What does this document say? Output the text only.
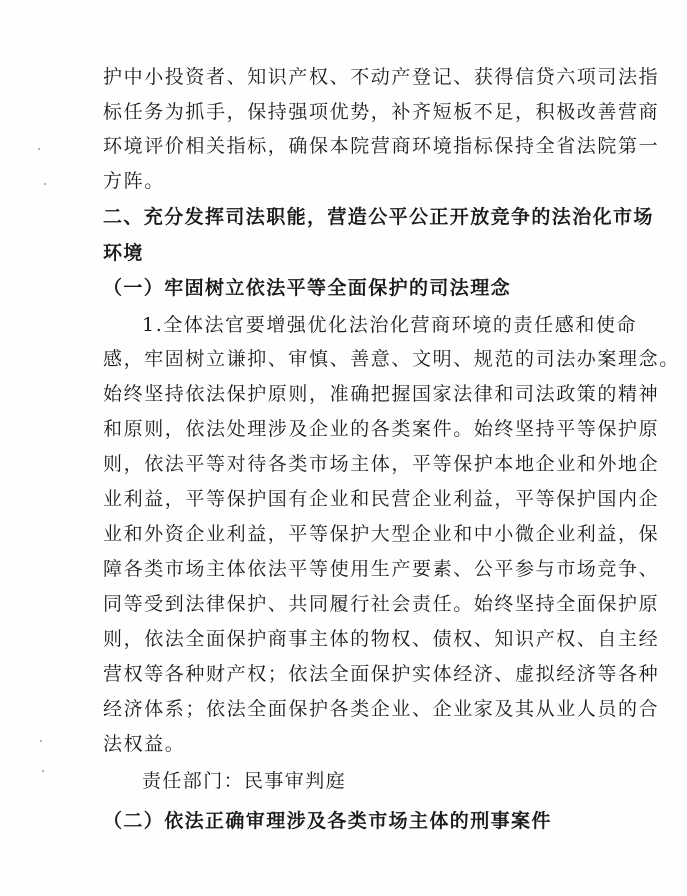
护中小投资者、知识产权、不动产登记、获得信贷六项司法指
标任务为抓手，保持强项优势，补齐短板不足，积极改善营商
环境评价相关指标，确保本院营商环境指标保持全省法院第一
方阵。
二、充分发挥司法职能，营造公平公正开放竞争的法治化市场
环境
（一）牢固树立依法平等全面保护的司法理念
1.全体法官要增强优化法治化营商环境的责任感和使命
感，牢固树立谦抑、审慎、善意、文明、规范的司法办案理念。
始终坚持依法保护原则，准确把握国家法律和司法政策的精神
和原则，依法处理涉及企业的各类案件。始终坚持平等保护原
则，依法平等对待各类市场主体，平等保护本地企业和外地企
业利益，平等保护国有企业和民营企业利益，平等保护国内企
业和外资企业利益，平等保护大型企业和中小微企业利益，保
障各类市场主体依法平等使用生产要素、公平参与市场竞争、
同等受到法律保护、共同履行社会责任。始终坚持全面保护原
则，依法全面保护商事主体的物权、债权、知识产权、自主经
营权等各种财产权；依法全面保护实体经济、虚拟经济等各种
经济体系；依法全面保护各类企业、企业家及其从业人员的合
法权益。
责任部门：民事审判庭
（二）依法正确审理涉及各类市场主体的刑事案件
